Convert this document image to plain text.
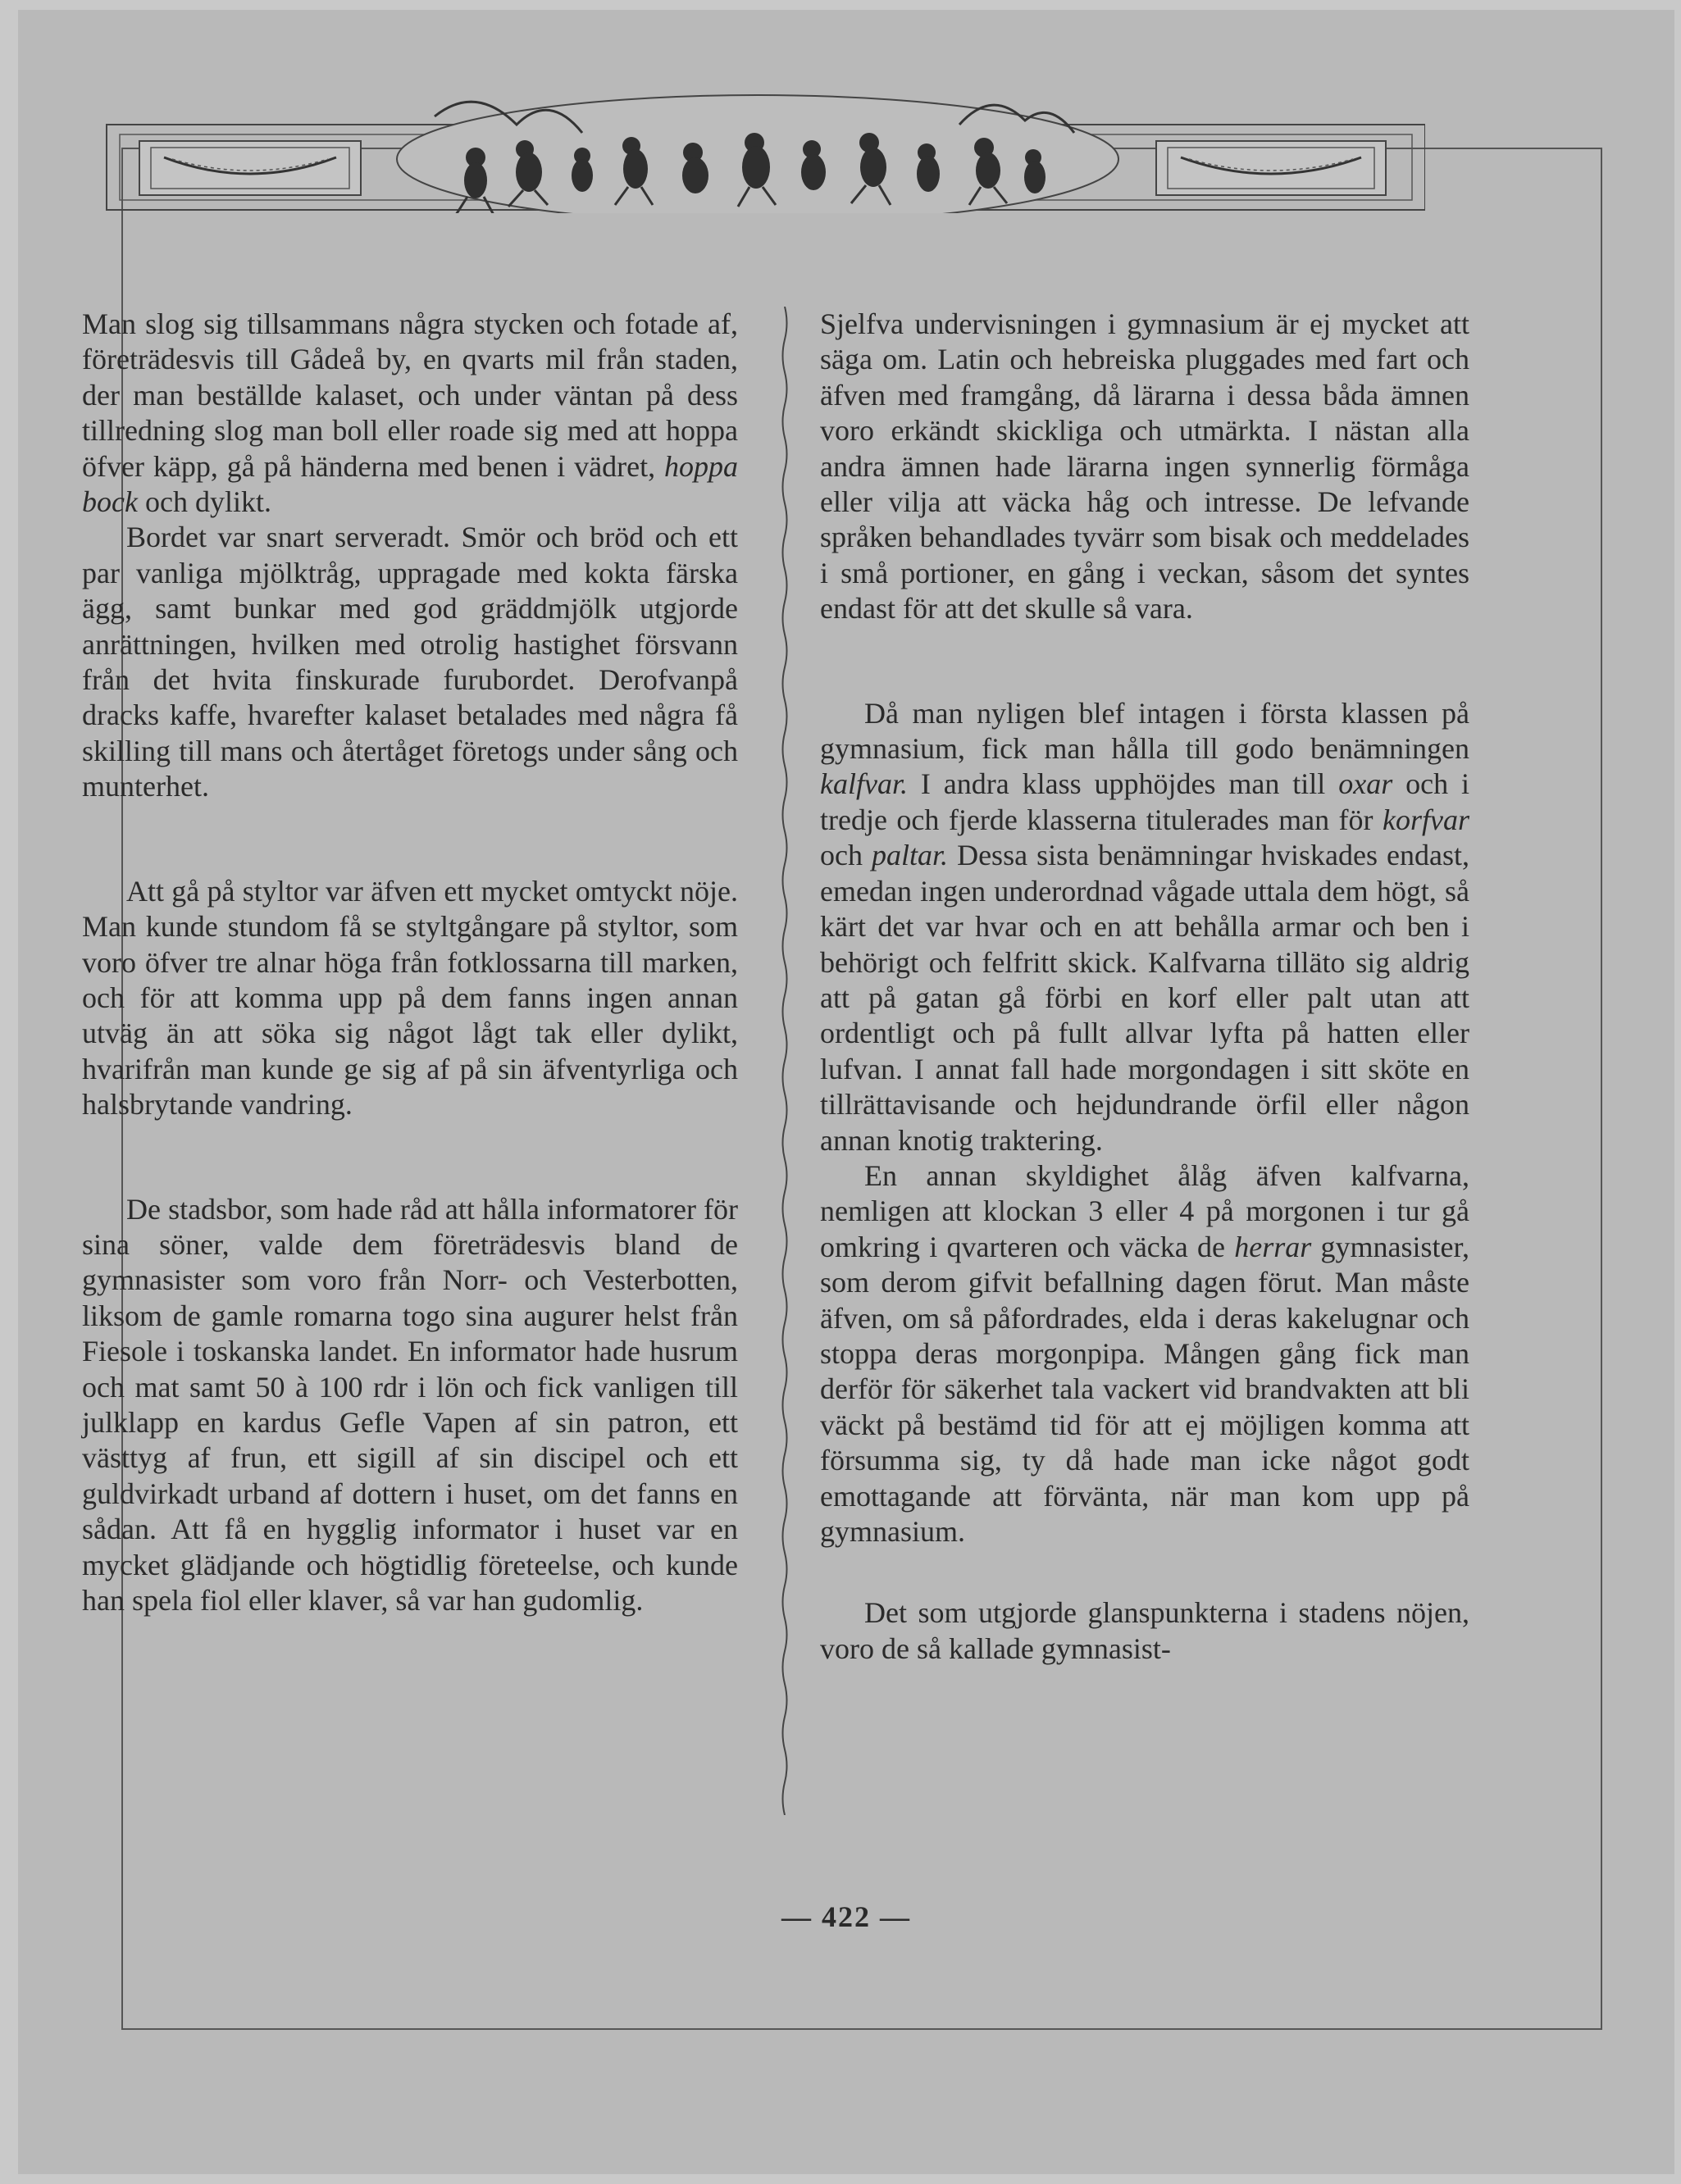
Man slog sig tillsammans några stycken och fotade af, företrädesvis till Gådeå by, en qvarts mil från staden, der man beställde kalaset, och under väntan på dess tillredning slog man boll eller roade sig med att hoppa öfver käpp, gå på händerna med benen i vädret, hoppa bock och dylikt.

Bordet var snart serveradt. Smör och bröd och ett par vanliga mjölktråg, uppragade med kokta färska ägg, samt bunkar med god gräddmjölk utgjorde anrättningen, hvilken med otrolig hastighet försvann från det hvita finskurade furubordet. Derofvanpå dracks kaffe, hvarefter kalaset betalades med några få skilling till mans och återtåget företogs under sång och munterhet.

Att gå på styltor var äfven ett mycket omtyckt nöje. Man kunde stundom få se styltgångare på styltor, som voro öfver tre alnar höga från fotklossarna till marken, och för att komma upp på dem fanns ingen annan utväg än att söka sig något lågt tak eller dylikt, hvarifrån man kunde ge sig af på sin äfventyrliga och halsbrytande vandring.

De stadsbor, som hade råd att hålla informatorer för sina söner, valde dem företrädesvis bland de gymnasister som voro från Norr- och Vesterbotten, liksom de gamle romarna togo sina augurer helst från Fiesole i toskanska landet. En informator hade husrum och mat samt 50 à 100 rdr i lön och fick vanligen till julklapp en kardus Gefle Vapen af sin patron, ett västtyg af frun, ett sigill af sin discipel och ett guldvirkadt urband af dottern i huset, om det fanns en sådan. Att få en hygglig informator i huset var en mycket glädjande och högtidlig företeelse, och kunde han spela fiol eller klaver, så var han gudomlig.

Sjelfva undervisningen i gymnasium är ej mycket att säga om. Latin och hebreiska pluggades med fart och äfven med framgång, då lärarna i dessa båda ämnen voro erkändt skickliga och utmärkta. I nästan alla andra ämnen hade lärarna ingen synnerlig förmåga eller vilja att väcka håg och intresse. De lefvande språken behandlades tyvärr som bisak och meddelades i små portioner, en gång i veckan, såsom det syntes endast för att det skulle så vara.

Då man nyligen blef intagen i första klassen på gymnasium, fick man hålla till godo benämningen kalfvar. I andra klass upphöjdes man till oxar och i tredje och fjerde klasserna titulerades man för korfvar och paltar. Dessa sista benämningar hviskades endast, emedan ingen underordnad vågade uttala dem högt, så kärt det var hvar och en att behålla armar och ben i behörigt och felfritt skick. Kalfvarna tilläto sig aldrig att på gatan gå förbi en korf eller palt utan att ordentligt och på fullt allvar lyfta på hatten eller lufvan. I annat fall hade morgondagen i sitt sköte en tillrättavisande och hejdundrande örfil eller någon annan knotig traktering.

En annan skyldighet ålåg äfven kalfvarna, nemligen att klockan 3 eller 4 på morgonen i tur gå omkring i qvarteren och väcka de herrar gymnasister, som derom gifvit befallning dagen förut. Man måste äfven, om så påfordrades, elda i deras kakelugnar och stoppa deras morgonpipa. Mången gång fick man derför för säkerhet tala vackert vid brandvakten att bli väckt på bestämd tid för att ej möjligen komma att försumma sig, ty då hade man icke något godt emottagande att förvänta, när man kom upp på gymnasium.

Det som utgjorde glanspunkterna i stadens nöjen, voro de så kallade gymnasist-

— 422 —
